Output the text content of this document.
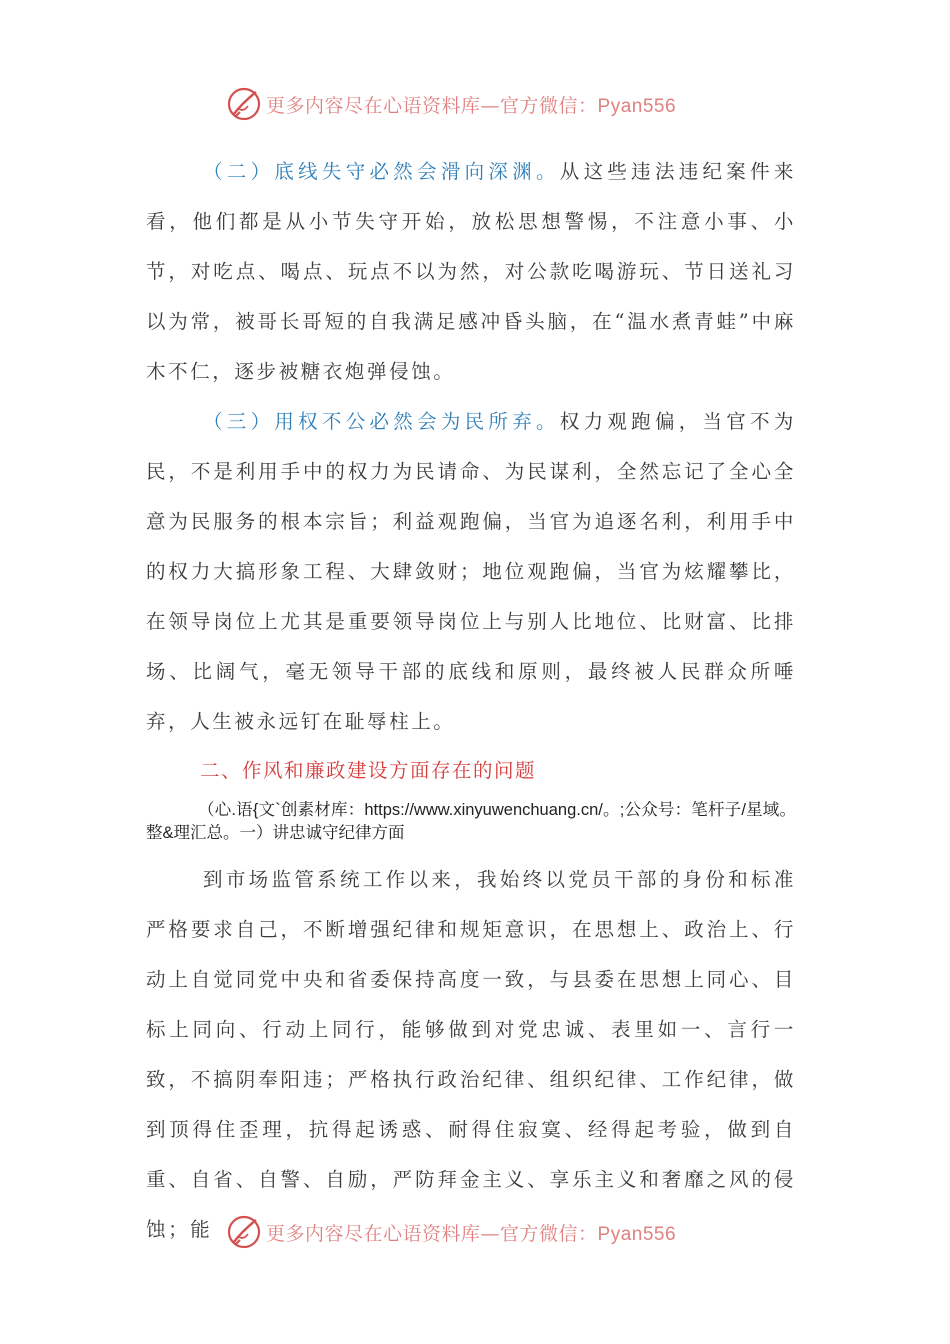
更多内容尽在心语资料库—官方微信：Pyan556

（二）底线失守必然会滑向深渊。从这些违法违纪案件来看，他们都是从小节失守开始，放松思想警惕，不注意小事、小节，对吃点、喝点、玩点不以为然，对公款吃喝游玩、节日送礼习以为常，被哥长哥短的自我满足感冲昏头脑，在“温水煮青蛙”中麻木不仁，逐步被糖衣炮弹侵蚀。

（三）用权不公必然会为民所弃。权力观跑偏，当官不为民，不是利用手中的权力为民请命、为民谋利，全然忘记了全心全意为民服务的根本宗旨；利益观跑偏，当官为追逐名利，利用手中的权力大搞形象工程、大肆敛财；地位观跑偏，当官为炫耀攀比，在领导岗位上尤其是重要领导岗位上与别人比地位、比财富、比排场、比阔气，毫无领导干部的底线和原则，最终被人民群众所唾弃，人生被永远钉在耻辱柱上。

二、作风和廉政建设方面存在的问题

（心.语{文`创素材库：https://www.xinyuwenchuang.cn/。;公众号：笔杆子/星域。整&理汇总。一）讲忠诚守纪律方面

到市场监管系统工作以来，我始终以党员干部的身份和标准严格要求自己，不断增强纪律和规矩意识，在思想上、政治上、行动上自觉同党中央和省委保持高度一致，与县委在思想上同心、目标上同向、行动上同行，能够做到对党忠诚、表里如一、言行一致，不搞阴奉阳违；严格执行政治纪律、组织纪律、工作纪律，做到顶得住歪理，抗得起诱惑、耐得住寂寞、经得起考验，做到自重、自省、自警、自励，严防拜金主义、享乐主义和奢靡之风的侵蚀；能	更多内容尽在心语资料库—官方微信：Pyan556
